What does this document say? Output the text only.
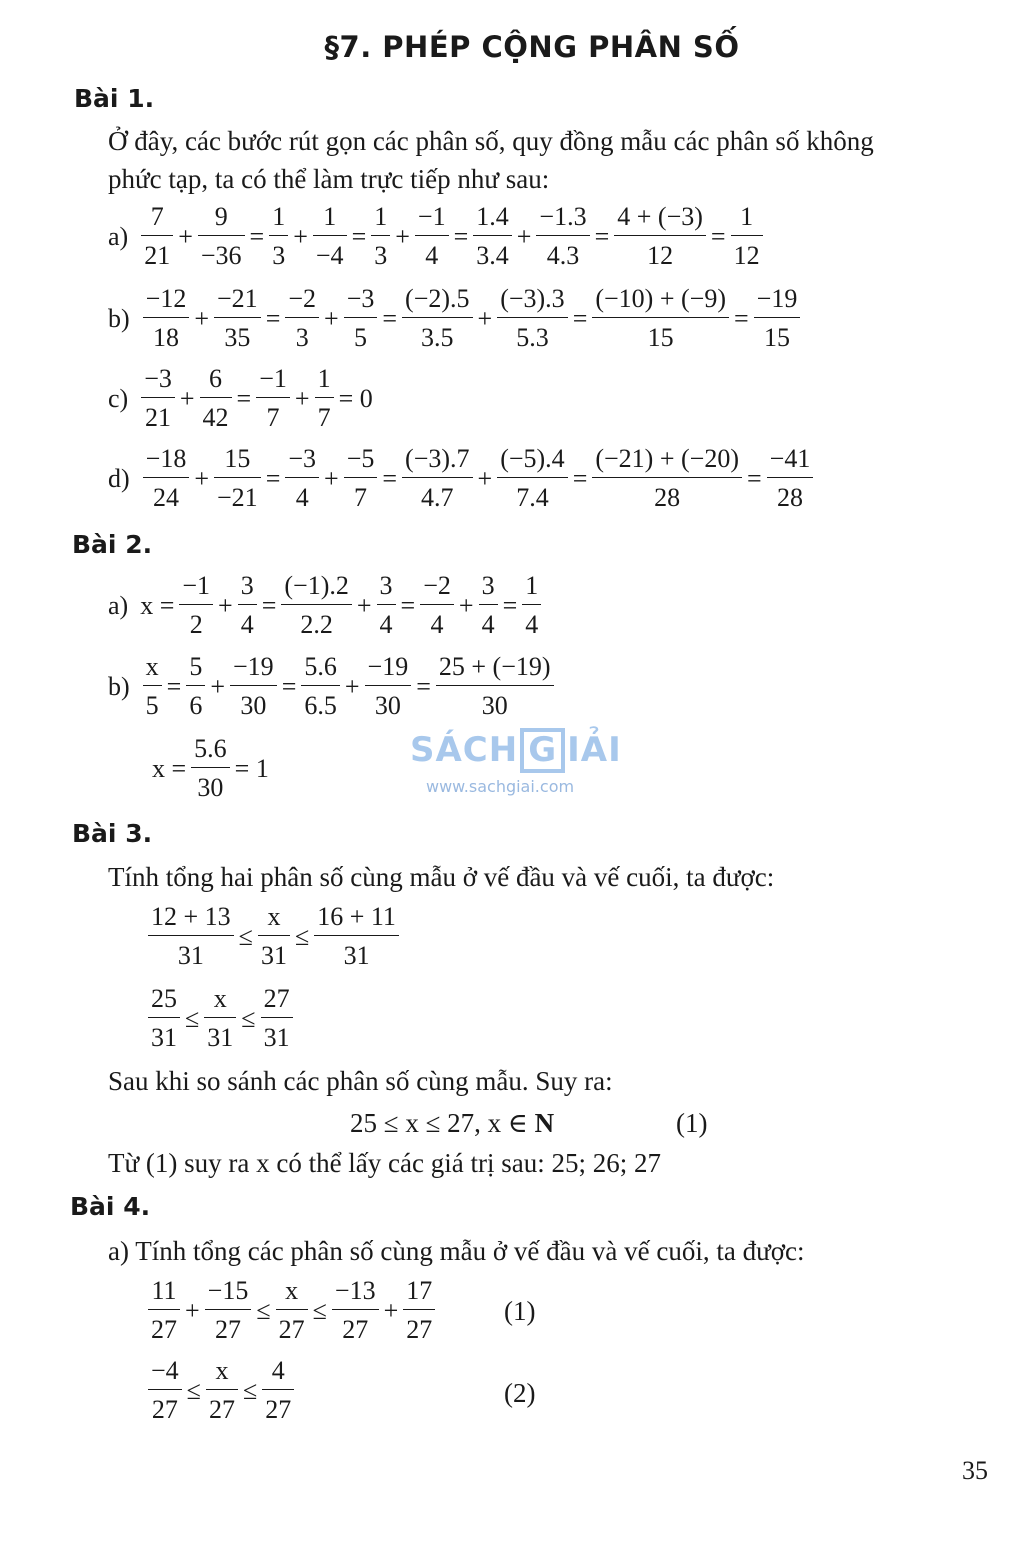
§7. PHÉP CỘNG PHÂN SỐ
Bài 1.
Ở đây, các bước rút gọn các phân số, quy đồng mẫu các phân số không
phức tạp, ta có thể làm trực tiếp như sau:
$a) \frac{7}{21} + \frac{9}{-36} = \frac{1}{3} + \frac{1}{-4} = \frac{1}{3} + \frac{-1}{4} = \frac{1.4}{3.4} + \frac{-1.3}{4.3} = \frac{4 + (-3)}{12} = \frac{1}{12}$
$b) \frac{-12}{18} + \frac{-21}{35} = \frac{-2}{3} + \frac{-3}{5} = \frac{(-2).5}{3.5} + \frac{(-3).3}{5.3} = \frac{(-10) + (-9)}{15} = \frac{-19}{15}$
$c) \frac{-3}{21} + \frac{6}{42} = \frac{-1}{7} + \frac{1}{7} = 0$
$d) \frac{-18}{24} + \frac{15}{-21} = \frac{-3}{4} + \frac{-5}{7} = \frac{(-3).7}{4.7} + \frac{(-5).4}{7.4} = \frac{(-21) + (-20)}{28} = \frac{-41}{28}$
Bài 2.
a) $x = \frac{-1}{2} + \frac{3}{4} = \frac{(-1).2}{2.2} + \frac{3}{4} = \frac{-2}{4} + \frac{3}{4} = \frac{1}{4}$
$b) \frac{x}{5} = \frac{5}{6} + \frac{-19}{30} = \frac{5.6}{6.5} + \frac{-19}{30} = \frac{25 + (-19)}{30}$
$x = \frac{5.6}{30} = 1$	SÁCH G IẢI
www.sachgiai.com
Bài 3.
Tính tổng hai phân số cùng mẫu ở vế đầu và vế cuối, ta được:
$\frac{12 + 13}{31} \le \frac{x}{31} \le \frac{16 + 11}{31}$
$\frac{25}{31} \le \frac{x}{31} \le \frac{27}{31}$
Sau khi so sánh các phân số cùng mẫu. Suy ra:
25 ≤ x ≤ 27, x ∈ N	(1)
Từ (1) suy ra x có thể lấy các giá trị sau: 25; 26; 27
Bài 4.
a) Tính tổng các phân số cùng mẫu ở vế đầu và vế cuối, ta được:
$\frac{11}{27} + \frac{-15}{27} \le \frac{x}{27} \le \frac{-13}{27} + \frac{17}{27}$	(1)
$\frac{-4}{27} \le \frac{x}{27} \le \frac{4}{27}$	(2)
35
